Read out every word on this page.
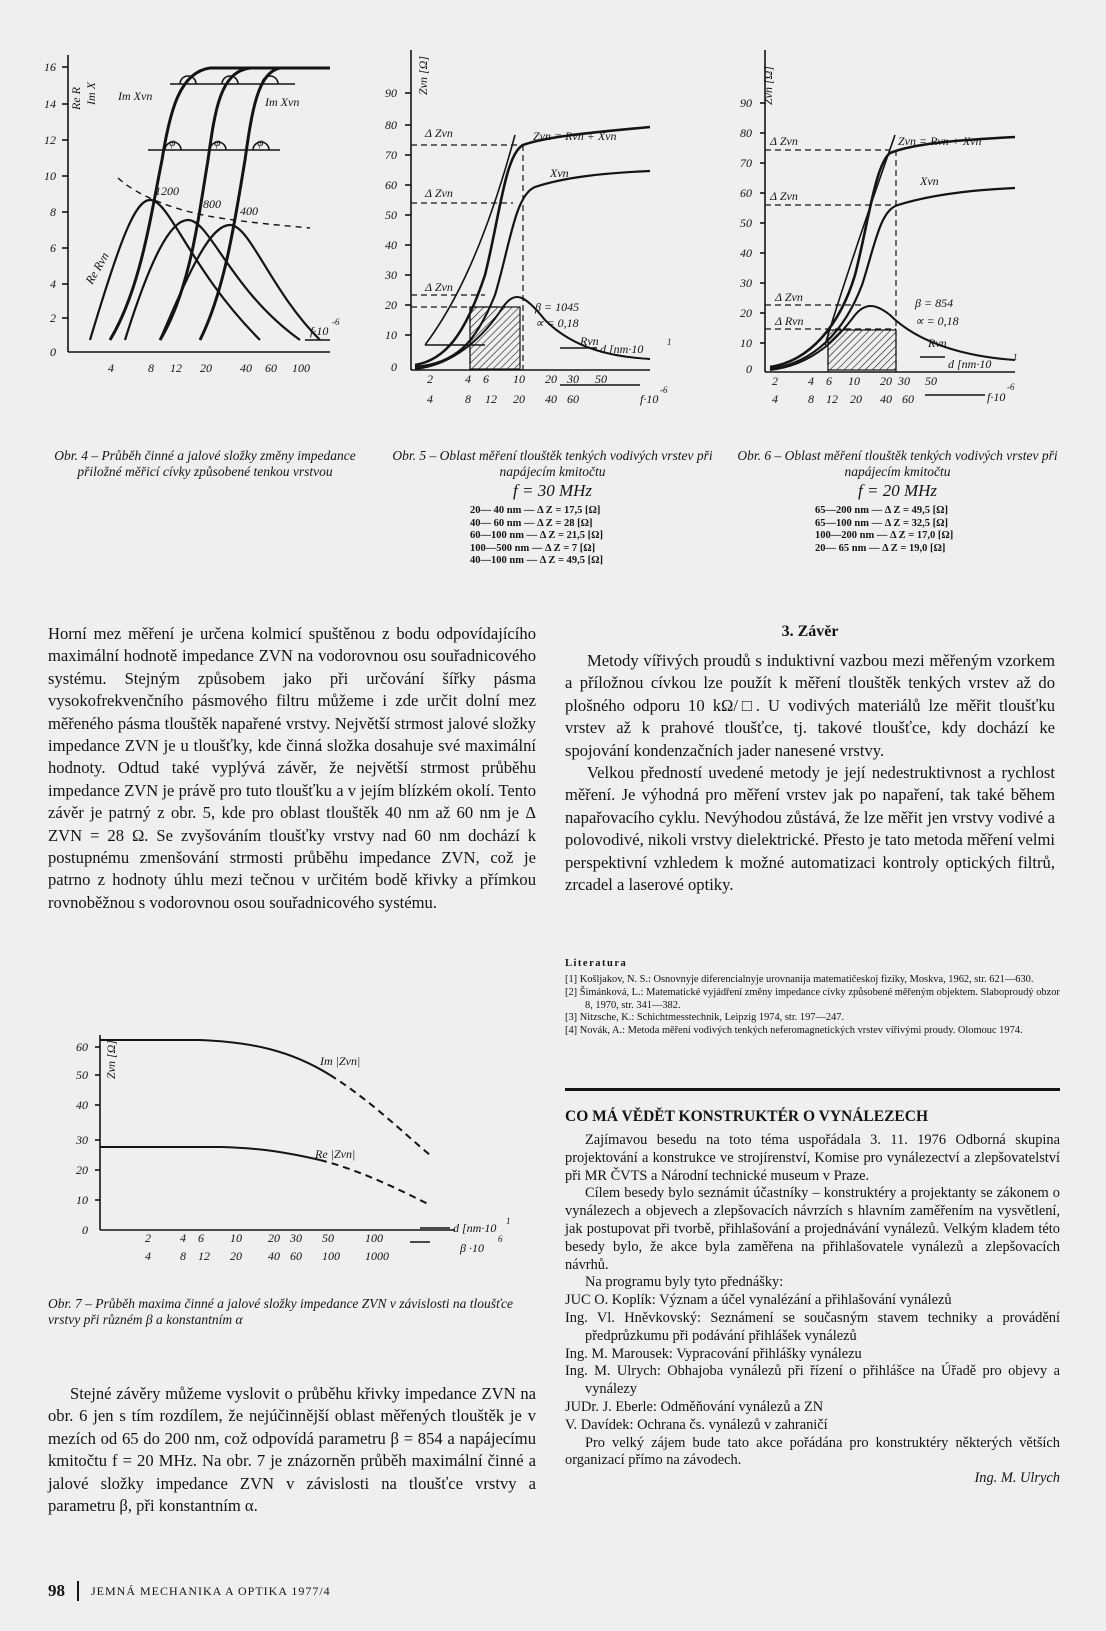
16
14
12
10
8
6
4
2
0
4	8 12 20 40 60 100
Re R Im X Im Xvn	Im Xvn
1200
800 400
Re Rvn
φ	φ	φ
f·10
-6
Obr. 4 – Průběh činné a jalové složky změny impedance přiložné měřicí cívky způsobené tenkou vrstvou
Zvn [Ω]
90
80
70
60
50
40
30
20
10
0
2	4 6 10 20 30 50
4	8 12 20 40 60
Δ Zvn
Δ Zvn
Δ Zvn
Zvn = Rvn + Xvn
Xvn
β = 1045
∝ = 0,18
Rvn
d [nm·10	1
f·10
-6
Obr. 5 – Oblast měření tlouštěk tenkých vodivých vrstev při napájecím kmitočtu
f = 30 MHz
20— 40 nm — Δ Z = 17,5 [Ω]
40— 60 nm — Δ Z = 28 [Ω]
60—100 nm — Δ Z = 21,5 [Ω]
100—500 nm — Δ Z = 7 [Ω]
40—100 nm — Δ Z = 49,5 [Ω]
Zvn [Ω]
90
80
70
60
50
40
30
20
10
0
2	4 6 10 20 30 50
4	8 12 20 40 60
Δ Zvn
Δ Zvn
Δ Zvn
Δ Rvn
Zvn = Rvn + Xvn
Xvn
β = 854
∝ = 0,18
Rvn
d [nm·10 1
f·10
-6
Obr. 6 – Oblast měření tlouštěk tenkých vodivých vrstev při napájecím kmitočtu
f = 20 MHz
65—200 nm — Δ Z = 49,5 [Ω]
65—100 nm — Δ Z = 32,5 [Ω]
100—200 nm — Δ Z = 17,0 [Ω]
20— 65 nm — Δ Z = 19,0 [Ω]

Horní mez měření je určena kolmicí spuštěnou z bodu odpovídajícího maximální hodnotě impedance ZVN na vodorovnou osu souřadnicového systému. Stejným způsobem jako při určování šířky pásma vysokofrekvenčního pásmového filtru můžeme i zde určit dolní mez měřeného pásma tlouštěk napařené vrstvy. Největší strmost jalové složky impedance ZVN je u tloušťky, kde činná složka dosahuje své maximální hodnoty. Odtud také vyplývá závěr, že největší strmost průběhu impedance ZVN je právě pro tuto tloušťku a v jejím blízkém okolí. Tento závěr je patrný z obr. 5, kde pro oblast tlouštěk 40 nm až 60 nm je Δ ZVN = 28 Ω. Se zvyšováním tloušťky vrstvy nad 60 nm dochází k postupnému zmenšování strmosti průběhu impedance ZVN, což je patrno z hodnoty úhlu mezi tečnou v určitém bodě křivky a přímkou rovnoběžnou s vodorovnou osou souřadnicového systému.

Zvn [Ω]
60
50
40
30
20
10
0
2 4 6 10 20 30 50	100
4 8 12 20 40 60 100 1000
Im |Zvn|
Re |Zvn|
d [nm·10 1
β ·10
6
Obr. 7 – Průběh maxima činné a jalové složky impedance ZVN v závislosti na tloušťce vrstvy při různém β a konstantním α

Stejné závěry můžeme vyslovit o průběhu křivky impedance ZVN na obr. 6 jen s tím rozdílem, že nejúčinnější oblast měřených tlouštěk je v mezích od 65 do 200 nm, což odpovídá parametru β = 854 a napájecímu kmitočtu f = 20 MHz. Na obr. 7 je znázorněn průběh maximální činné a jalové složky impedance ZVN v závislosti na tloušťce vrstvy a parametru β, při konstantním α.

3. Závěr

Metody vířivých proudů s induktivní vazbou mezi měřeným vzorkem a příložnou cívkou lze použít k měření tlouštěk tenkých vrstev až do plošného odporu 10 kΩ/□. U vodivých materiálů lze měřit tloušťku vrstev až k prahové tloušťce, tj. takové tloušťce, kdy dochází ke spojování kondenzačních jader nanesené vrstvy.

Velkou předností uvedené metody je její nedestruktivnost a rychlost měření. Je výhodná pro měření vrstev jak po napaření, tak také během napařovacího cyklu. Nevýhodou zůstává, že lze měřit jen vrstvy vodivé a polovodivé, nikoli vrstvy dielektrické. Přesto je tato metoda měření velmi perspektivní vzhledem k možné automatizaci kontroly optických filtrů, zrcadel a laserové optiky.

Literatura
[1] Košljakov, N. S.: Osnovnyje diferencialnyje urovnanija matematičeskoj fiziky, Moskva, 1962, str. 621—630.
[2] Šimánková, L.: Matematické vyjádření změny impedance cívky způsobené měřeným objektem. Slaboproudý obzor 8, 1970, str. 341—382.
[3] Nitzsche, K.: Schichtmesstechnik, Leipzig 1974, str. 197—247.
[4] Novák, A.: Metoda měření vodivých tenkých neferomagnetických vrstev vířivými proudy. Olomouc 1974.
CO MÁ VĚDĚT KONSTRUKTÉR O VYNÁLEZECH

Zajímavou besedu na toto téma uspořádala 3. 11. 1976 Odborná skupina projektování a konstrukce ve strojírenství, Komise pro vynálezectví a zlepšovatelství při MR ČVTS a Národní technické museum v Praze.

Cílem besedy bylo seznámit účastníky – konstruktéry a projektanty se zákonem o vynálezech a objevech a zlepšovacích návrzích s hlavním zaměřením na vysvětlení, jak postupovat při tvorbě, přihlašování a projednávání vynálezů. Velkým kladem této besedy bylo, že akce byla zaměřena na přihlašovatele vynálezů a zlepšovacích návrhů.

Na programu byly tyto přednášky:

JUC O. Koplík: Význam a účel vynalézání a přihlašování vynálezů

Ing. Vl. Hněvkovský: Seznámení se současným stavem techniky a provádění předprůzkumu při podávání přihlášek vynálezů

Ing. M. Marousek: Vypracování přihlášky vynálezu

Ing. M. Ulrych: Obhajoba vynálezů při řízení o přihlášce na Úřadě pro objevy a vynálezy

JUDr. J. Eberle: Odměňování vynálezů a ZN

V. Davídek: Ochrana čs. vynálezů v zahraničí

Pro velký zájem bude tato akce pořádána pro konstruktéry některých větších organizací přímo na závodech.

Ing. M. Ulrych

98 JEMNÁ MECHANIKA A OPTIKA 1977/4
